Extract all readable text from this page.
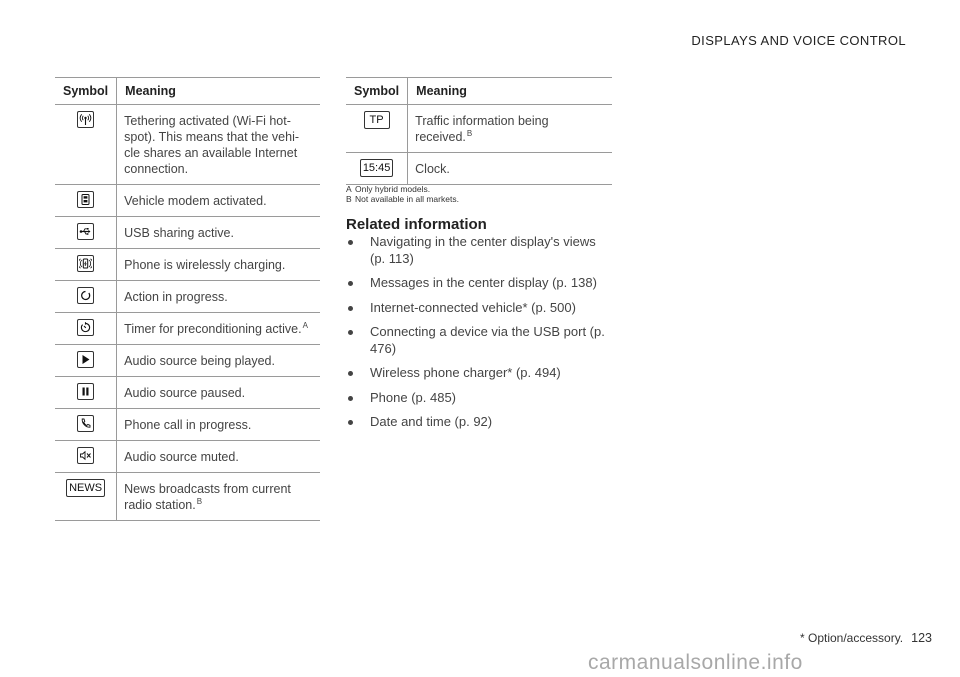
DISPLAYS AND VOICE CONTROL
Symbol	Meaning

	Tethering activated (Wi-Fi hot-spot). This means that the vehi-cle shares an available Internet connection.

	Vehicle modem activated.

	USB sharing active.

	Phone is wirelessly charging.

	Action in progress.

	Timer for preconditioning active.$^A$

	Audio source being played.

	Audio source paused.

	Phone call in progress.

	Audio source muted.
NEWS	News broadcasts from current radio station.$^B$
Symbol	Meaning
TP	Traffic information being received.$^B$
15:45	Clock.
A Only hybrid models.
B Not available in all markets.
Related information
Navigating in the center display's views (p. 113)
Messages in the center display (p. 138)
Internet-connected vehicle* (p. 500)
Connecting a device via the USB port (p. 476)
Wireless phone charger* (p. 494)
Phone (p. 485)
Date and time (p. 92)
* Option/accessory. 123
carmanualsonline.info
